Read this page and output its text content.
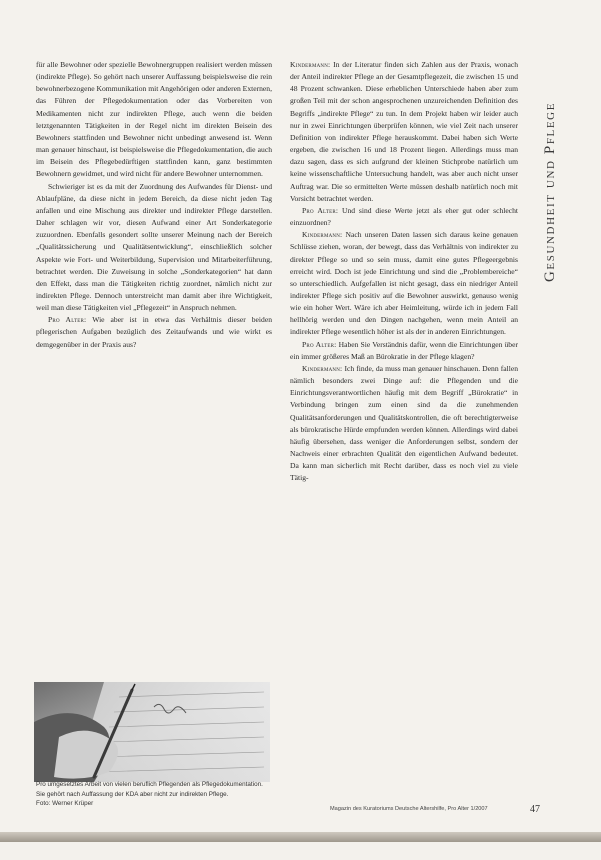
Gesundheit und Pflege

für alle Bewohner oder spezielle Bewohnergruppen realisiert werden müssen (indirekte Pflege). So gehört nach unserer Auffassung beispielsweise die rein bewohnerbezogene Kommunikation mit Angehörigen oder anderen Externen, das Führen der Pflegedokumentation oder das Vorbereiten von Medikamenten nicht zur indirekten Pflege, auch wenn die beiden letztgenannten Tätigkeiten in der Regel nicht im direkten Beisein des Bewohners stattfinden und Bewohner nicht unbedingt anwesend ist. Wenn man genauer hinschaut, ist beispielsweise die Pflegedokumentation, die auch im Beisein des Pflegebedürftigen stattfinden kann, ganz bestimmten Bewohnern gewidmet, und wird nicht für andere Bewohner unternommen.

Schwieriger ist es da mit der Zuordnung des Aufwandes für Dienst- und Ablaufpläne, da diese nicht in jedem Bereich, da diese nicht jeden Tag anfallen und eine Mischung aus direkter und indirekter Pflege darstellen. Daher schlagen wir vor, diesen Aufwand einer Art Sonderkategorie zuzuordnen. Ebenfalls gesondert sollte unserer Meinung nach der Bereich „Qualitätssicherung und Qualitätsentwicklung“, einschließlich solcher Aspekte wie Fort- und Weiterbildung, Supervision und Mitarbeiterführung, betrachtet werden. Die Zuweisung in solche „Sonderkategorien“ hat dann den Effekt, dass man die Tätigkeiten richtig zuordnet, nämlich nicht zur indirekten Pflege. Dennoch unterstreicht man damit aber ihre Wichtigkeit, weil man diese Tätigkeiten viel „Pflegezeit“ in Anspruch nehmen.

Pro Alter: Wie aber ist in etwa das Verhältnis dieser beiden pflegerischen Aufgaben bezüglich des Zeitaufwands und wie wirkt es demgegenüber in der Praxis aus?

Pro umgesetztes Arbeit von vielen beruflich Pflegenden als Pflegedokumentation. Sie gehört nach Auffassung der KDA aber nicht zur indirekten Pflege.

Foto: Werner Krüper

Kindermann: In der Literatur finden sich Zahlen aus der Praxis, wonach der Anteil indirekter Pflege an der Gesamtpflegezeit, die zwischen 15 und 48 Prozent schwanken. Diese erheblichen Unterschiede haben aber zum großen Teil mit der schon angesprochenen unzureichenden Definition des Begriffs „indirekte Pflege“ zu tun. In dem Projekt haben wir leider auch nur in zwei Einrichtungen überprüfen können, wie viel Zeit nach unserer Definition von indirekter Pflege herauskommt. Dabei haben sich Werte ergeben, die zwischen 16 und 18 Prozent liegen. Allerdings muss man dazu sagen, dass es sich aufgrund der kleinen Stichprobe natürlich um keine wissenschaftliche Untersuchung handelt, was aber auch nicht unser Auftrag war. Die so ermittelten Werte müssen deshalb natürlich noch mit Vorsicht betrachtet werden.

Pro Alter: Und sind diese Werte jetzt als eher gut oder schlecht einzuordnen?

Kindermann: Nach unseren Daten lassen sich daraus keine genauen Schlüsse ziehen, woran, der bewegt, dass das Verhältnis von indirekter zu direkter Pflege so und so sein muss, damit eine gutes Pflegeergebnis erreicht wird. Doch ist jede Einrichtung und sind die „Problembereiche“ so unterschiedlich. Aufgefallen ist nicht gesagt, dass ein niedriger Anteil indirekter Pflege sich positiv auf die Bewohner auswirkt, genauso wenig wie ein hoher Wert. Wäre ich aber Heimleitung, würde ich in jedem Fall hellhörig werden und den Dingen nachgehen, wenn mein Anteil an indirekter Pflege wesentlich höher ist als der in anderen Einrichtungen.

Pro Alter: Haben Sie Verständnis dafür, wenn die Einrichtungen über ein immer größeres Maß an Bürokratie in der Pflege klagen?

Kindermann: Ich finde, da muss man genauer hinschauen. Denn fallen nämlich besonders zwei Dinge auf: die Pflegenden und die Einrichtungsverantwortlichen häufig mit dem Begriff „Bürokratie“ in Verbindung bringen zum einen sind da die zunehmenden Qualitätsanforderungen und Qualitätskontrollen, die oft berechtigterweise als bürokratische Hürde empfunden werden können. Allerdings wird dabei häufig übersehen, dass weniger die Anforderungen selbst, sondern der Nachweis einer erbrachten Qualität den eigentlichen Aufwand bedeutet. Da kann man sicherlich mit Recht darüber, dass es noch viel zu viele Tätig-

Magazin des Kuratoriums Deutsche Altershilfe, Pro Alter 1/2007	47
